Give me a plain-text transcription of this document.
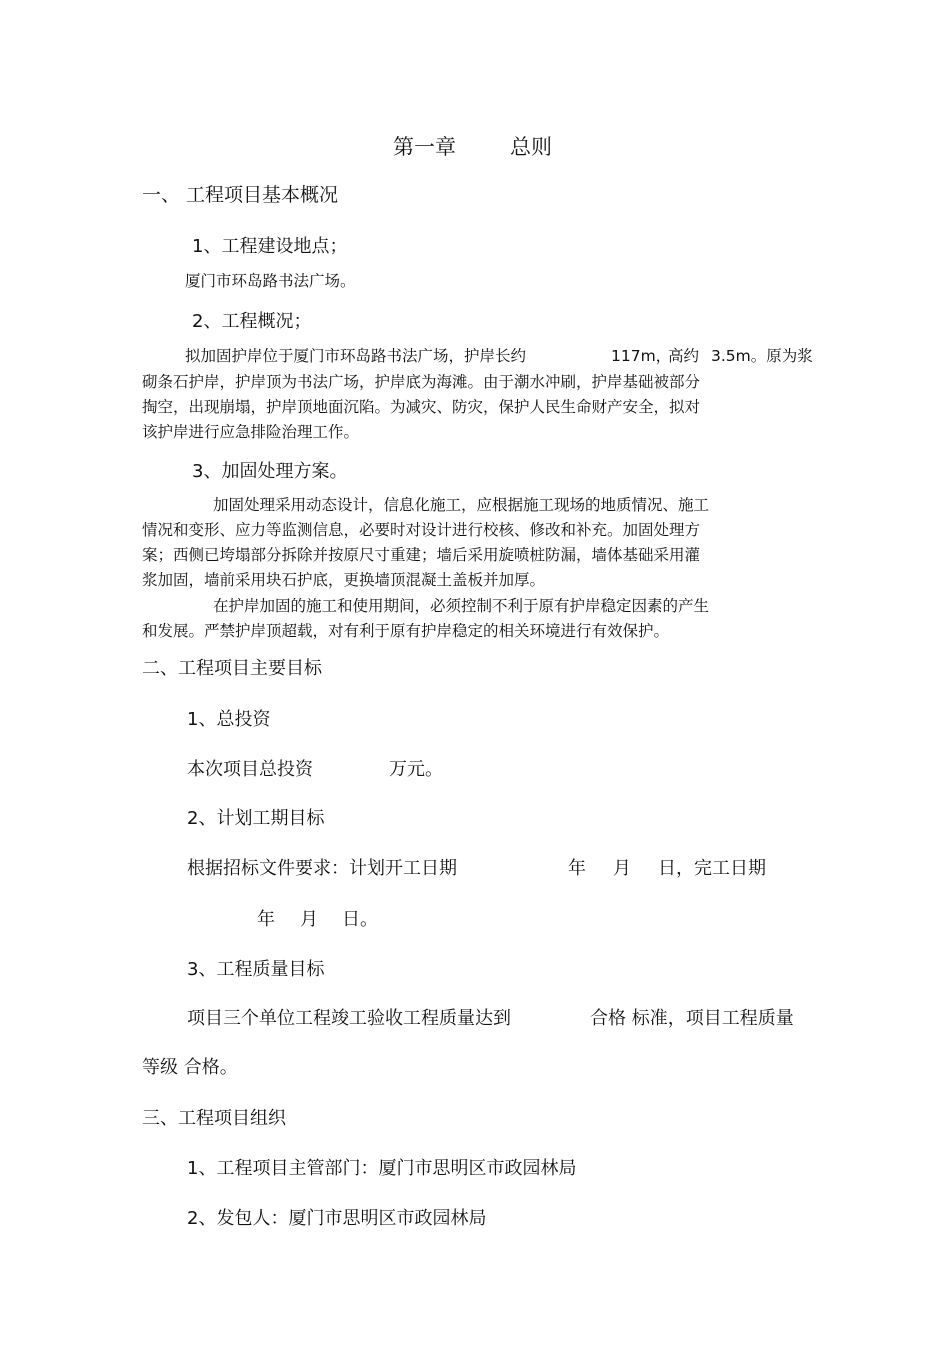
第一章	总则
一、 工程项目基本概况
1、工程建设地点；
厦门市环岛路书法广场。
2、工程概况；
拟加固护岸位于厦门市环岛路书法广场，护岸长约	117m，
高约 3.5m。原为浆
砌条石护岸，护岸顶为书法广场，护岸底为海滩。由于潮水冲刷，护岸基础被部分
掏空，出现崩塌，护岸顶地面沉陷。为减灾、防灾，保护人民生命财产安全，拟对
该护岸进行应急排险治理工作。
3、加固处理方案。
加固处理采用动态设计，信息化施工，应根据施工现场的地质情况、施工
情况和变形、应力等监测信息，必要时对设计进行校核、修改和补充。加固处理方
案；西侧已垮塌部分拆除并按原尺寸重建；墙后采用旋喷桩防漏，墙体基础采用灌
浆加固，墙前采用块石护底，更换墙顶混凝土盖板并加厚。
在护岸加固的施工和使用期间，必须控制不利于原有护岸稳定因素的产生
和发展。严禁护岸顶超载，对有利于原有护岸稳定的相关环境进行有效保护。
二、工程项目主要目标
1、总投资
本次项目总投资	万元。
2、计划工期目标
根据招标文件要求：计划开工日期	年 月 日，完工日期
年 月 日。
3、工程质量目标
项目三个单位工程竣工验收工程质量达到	合格 标准，项目工程质量
等级 合格。
三、工程项目组织
1、工程项目主管部门：厦门市思明区市政园林局
2、发包人：厦门市思明区市政园林局
